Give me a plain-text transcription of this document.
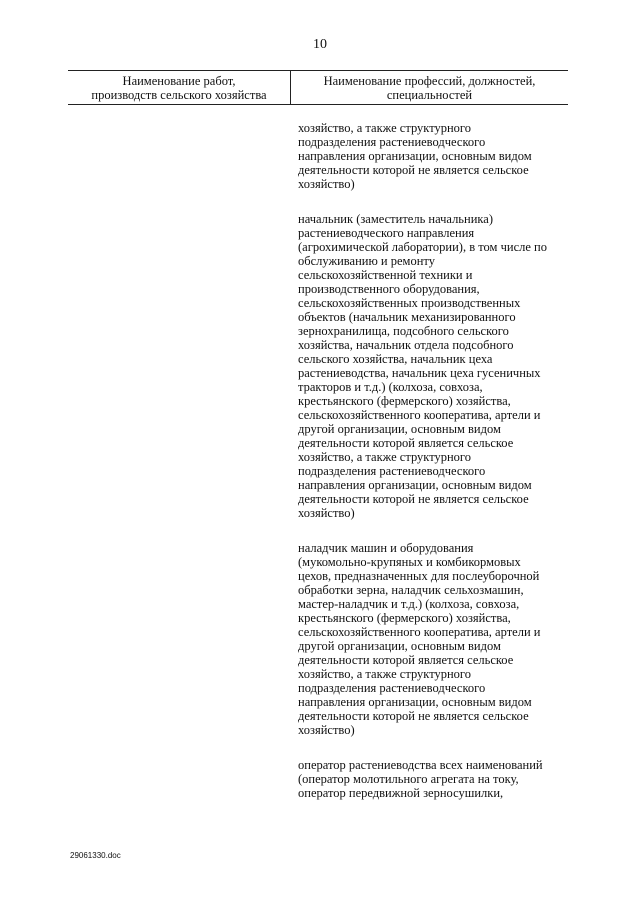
10
Наименование работ,
производств сельского хозяйства
Наименование профессий, должностей,
специальностей
хозяйство, а также структурного
подразделения растениеводческого
направления организации, основным видом
деятельности которой не является сельское
хозяйство)
начальник (заместитель начальника)
растениеводческого направления
(агрохимической лаборатории), в том числе по
обслуживанию и ремонту
сельскохозяйственной техники и
производственного оборудования,
сельскохозяйственных производственных
объектов (начальник механизированного
зернохранилища, подсобного сельского
хозяйства, начальник отдела подсобного
сельского хозяйства, начальник цеха
растениеводства, начальник цеха гусеничных
тракторов и т.д.) (колхоза, совхоза,
крестьянского (фермерского) хозяйства,
сельскохозяйственного кооператива, артели и
другой организации, основным видом
деятельности которой является сельское
хозяйство, а также структурного
подразделения растениеводческого
направления организации, основным видом
деятельности которой не является сельское
хозяйство)
наладчик машин и оборудования
(мукомольно-крупяных и комбикормовых
цехов, предназначенных для послеуборочной
обработки зерна, наладчик сельхозмашин,
мастер-наладчик и т.д.) (колхоза, совхоза,
крестьянского (фермерского) хозяйства,
сельскохозяйственного кооператива, артели и
другой организации, основным видом
деятельности которой является сельское
хозяйство, а также структурного
подразделения растениеводческого
направления организации, основным видом
деятельности которой не является сельское
хозяйство)
оператор растениеводства всех наименований
(оператор молотильного агрегата на току,
оператор передвижной зерносушилки,
29061330.doc
